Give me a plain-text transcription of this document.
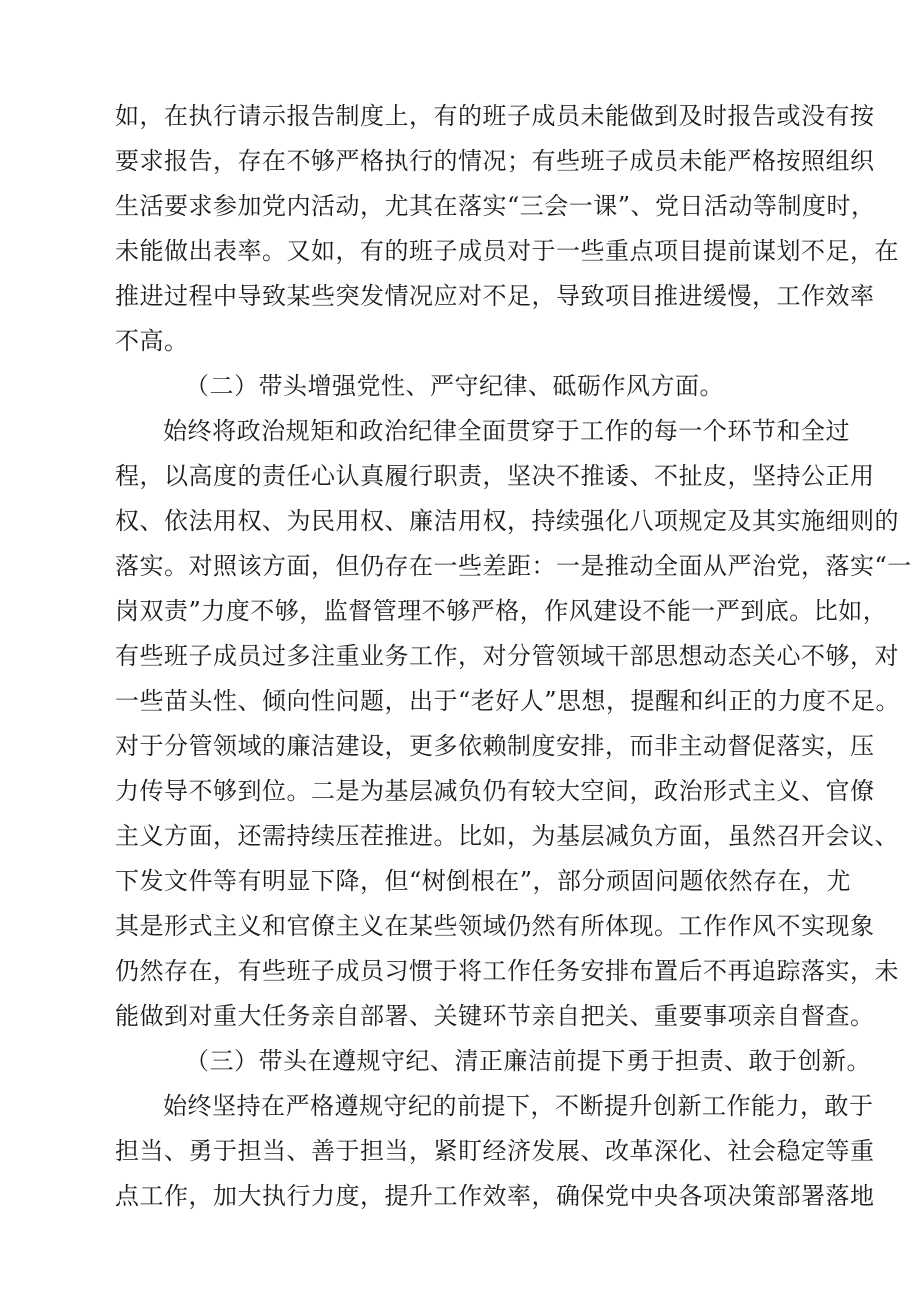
如，在执行请示报告制度上，有的班子成员未能做到及时报告或没有按
要求报告，存在不够严格执行的情况；有些班子成员未能严格按照组织
生活要求参加党内活动，尤其在落实“三会一课”、党日活动等制度时，
未能做出表率。又如，有的班子成员对于一些重点项目提前谋划不足，在
推进过程中导致某些突发情况应对不足，导致项目推进缓慢，工作效率
不高。
（二）带头增强党性、严守纪律、砥砺作风方面。
始终将政治规矩和政治纪律全面贯穿于工作的每一个环节和全过
程，以高度的责任心认真履行职责，坚决不推诿、不扯皮，坚持公正用
权、依法用权、为民用权、廉洁用权，持续强化八项规定及其实施细则的
落实。对照该方面，但仍存在一些差距：一是推动全面从严治党，落实“一
岗双责”力度不够，监督管理不够严格，作风建设不能一严到底。比如，
有些班子成员过多注重业务工作，对分管领域干部思想动态关心不够，对
一些苗头性、倾向性问题，出于“老好人”思想，提醒和纠正的力度不足。
对于分管领域的廉洁建设，更多依赖制度安排，而非主动督促落实，压
力传导不够到位。二是为基层减负仍有较大空间，政治形式主义、官僚
主义方面，还需持续压茬推进。比如，为基层减负方面，虽然召开会议、
下发文件等有明显下降，但“树倒根在”，部分顽固问题依然存在，尤
其是形式主义和官僚主义在某些领域仍然有所体现。工作作风不实现象
仍然存在，有些班子成员习惯于将工作任务安排布置后不再追踪落实，未
能做到对重大任务亲自部署、关键环节亲自把关、重要事项亲自督查。
（三）带头在遵规守纪、清正廉洁前提下勇于担责、敢于创新。
始终坚持在严格遵规守纪的前提下，不断提升创新工作能力，敢于
担当、勇于担当、善于担当，紧盯经济发展、改革深化、社会稳定等重
点工作，加大执行力度，提升工作效率，确保党中央各项决策部署落地
